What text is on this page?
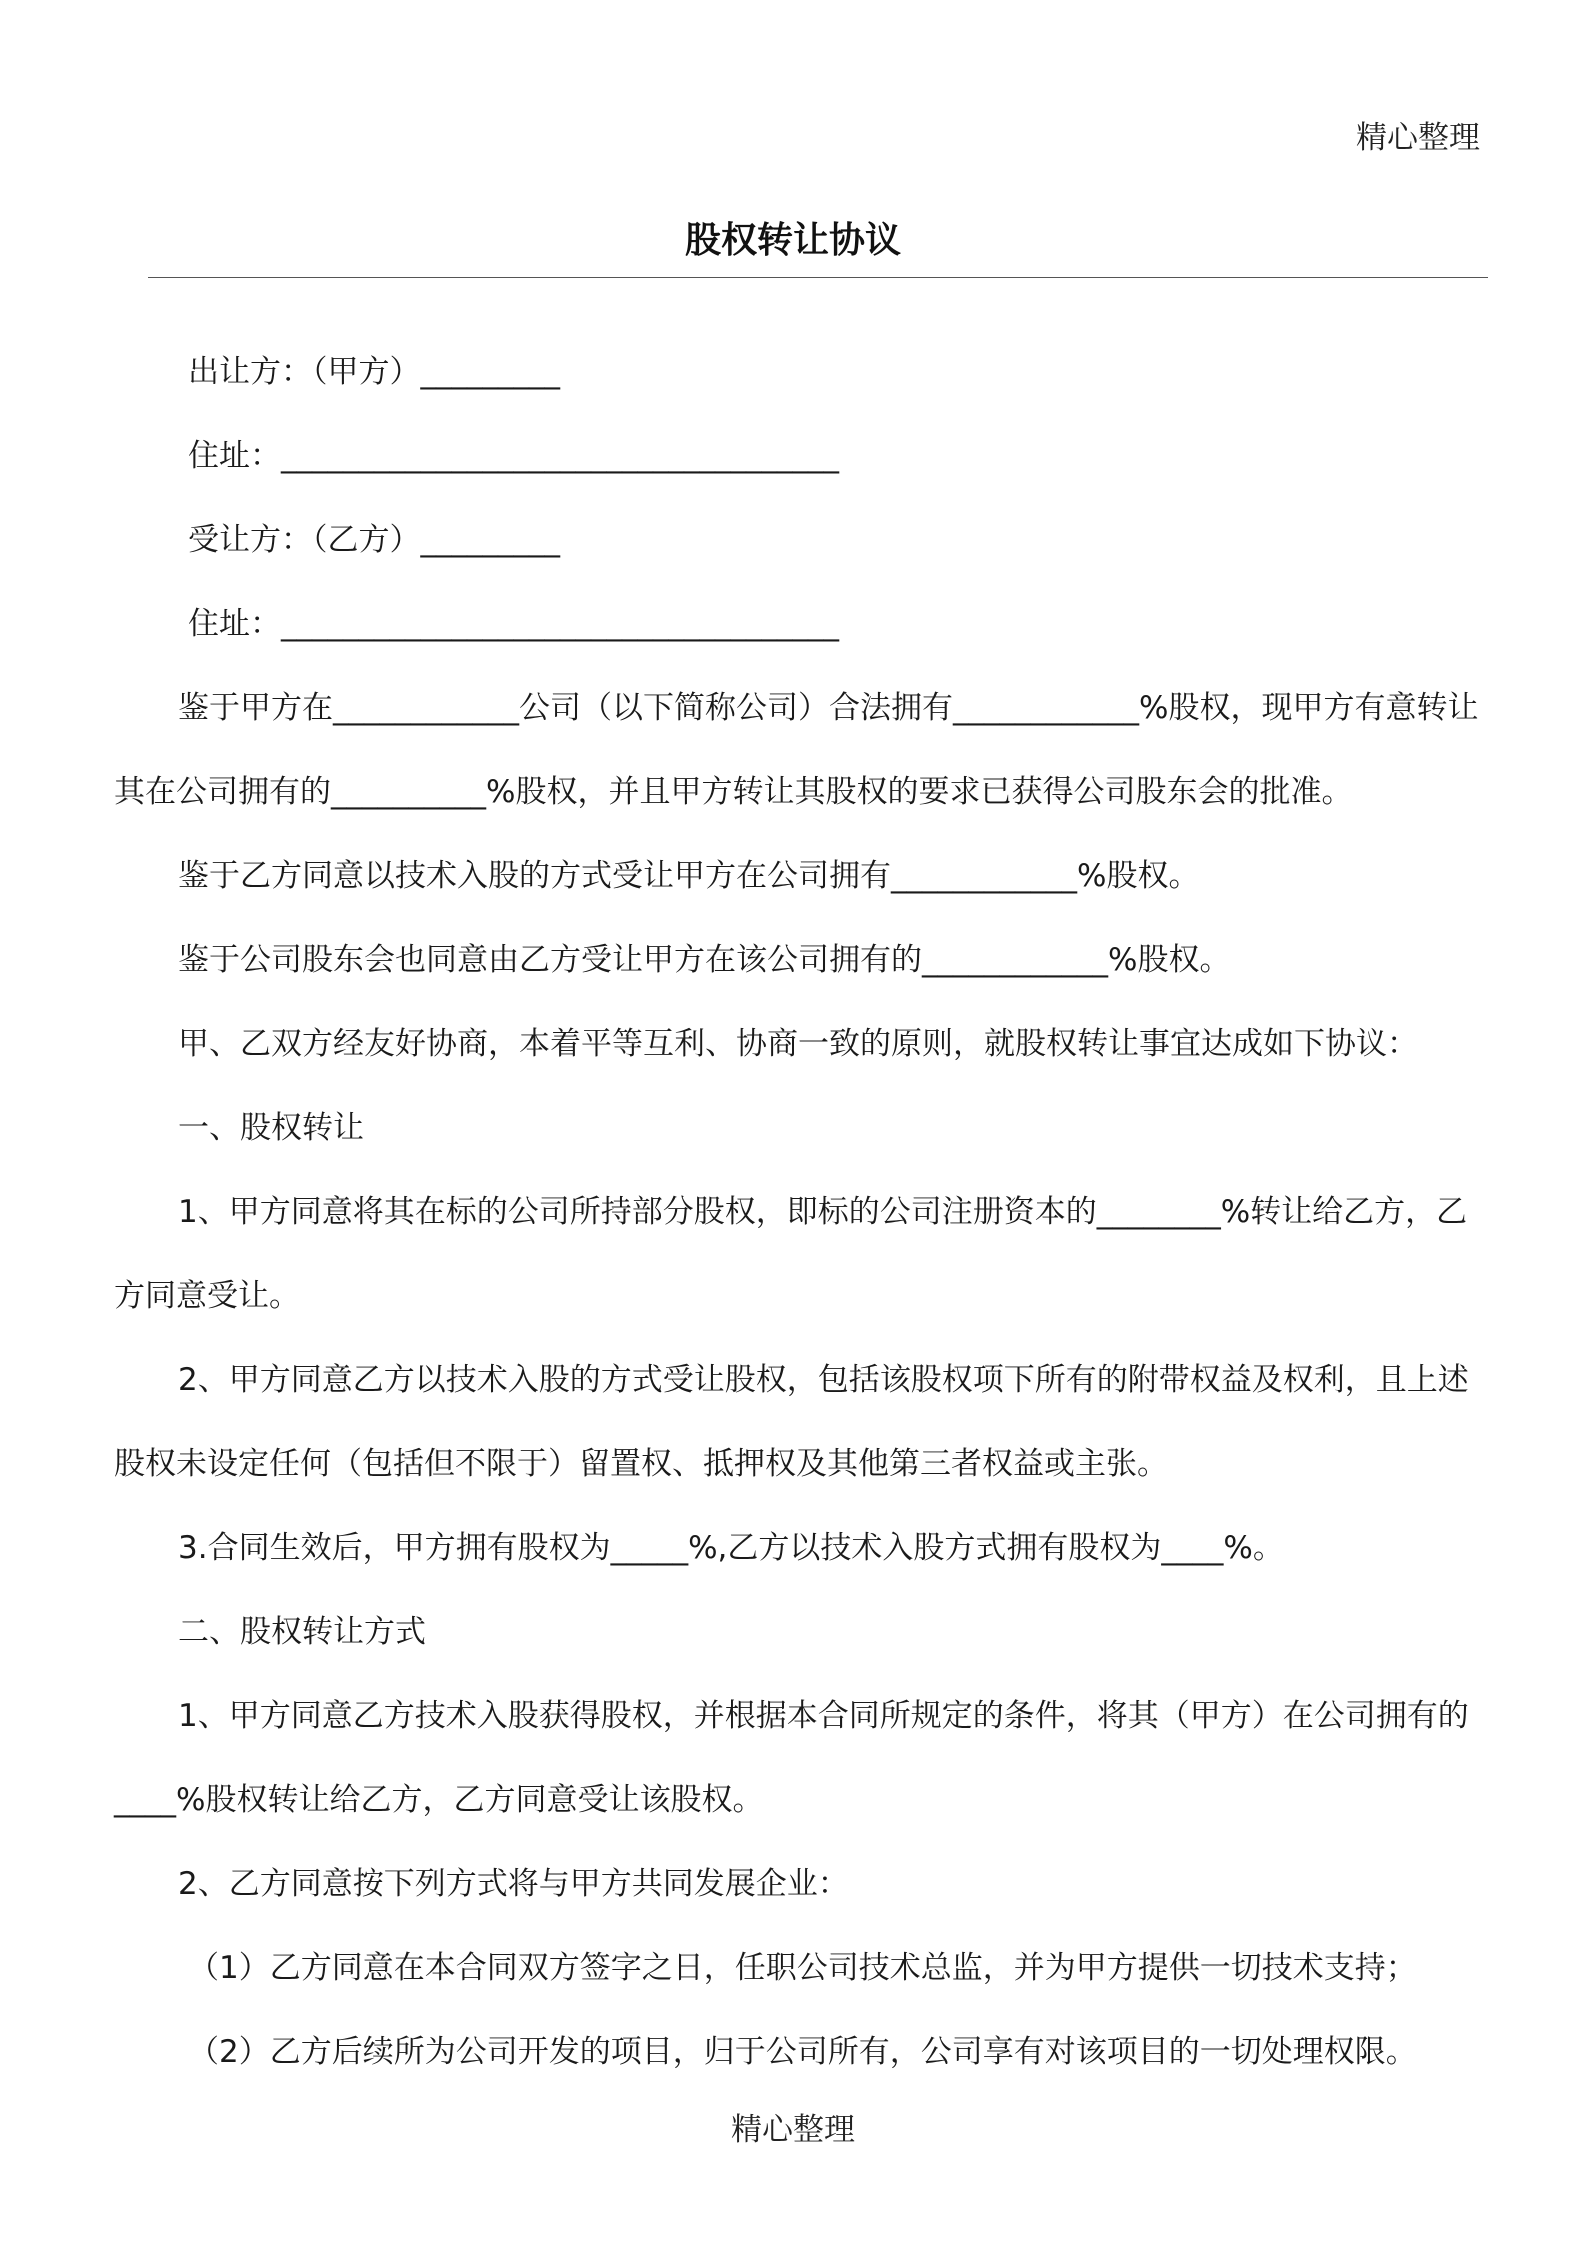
精心整理
股权转让协议

出让方：（甲方）_________

住址：____________________________________

受让方：（乙方）_________

住址：____________________________________

鉴于甲方在____________公司（以下简称公司）合法拥有____________%股权，现甲方有意转让其在公司拥有的__________%股权，并且甲方转让其股权的要求已获得公司股东会的批准。

鉴于乙方同意以技术入股的方式受让甲方在公司拥有____________%股权。

鉴于公司股东会也同意由乙方受让甲方在该公司拥有的____________%股权。

甲、乙双方经友好协商，本着平等互利、协商一致的原则，就股权转让事宜达成如下协议：

一、股权转让

1、甲方同意将其在标的公司所持部分股权，即标的公司注册资本的________%转让给乙方，乙方同意受让。

2、甲方同意乙方以技术入股的方式受让股权，包括该股权项下所有的附带权益及权利，且上述股权未设定任何（包括但不限于）留置权、抵押权及其他第三者权益或主张。

3.合同生效后，甲方拥有股权为_____%,乙方以技术入股方式拥有股权为____%。

二、股权转让方式

1、甲方同意乙方技术入股获得股权，并根据本合同所规定的条件，将其（甲方）在公司拥有的____%股权转让给乙方，乙方同意受让该股权。

2、乙方同意按下列方式将与甲方共同发展企业：

（1）乙方同意在本合同双方签字之日，任职公司技术总监，并为甲方提供一切技术支持；

（2）乙方后续所为公司开发的项目，归于公司所有，公司享有对该项目的一切处理权限。

精心整理
